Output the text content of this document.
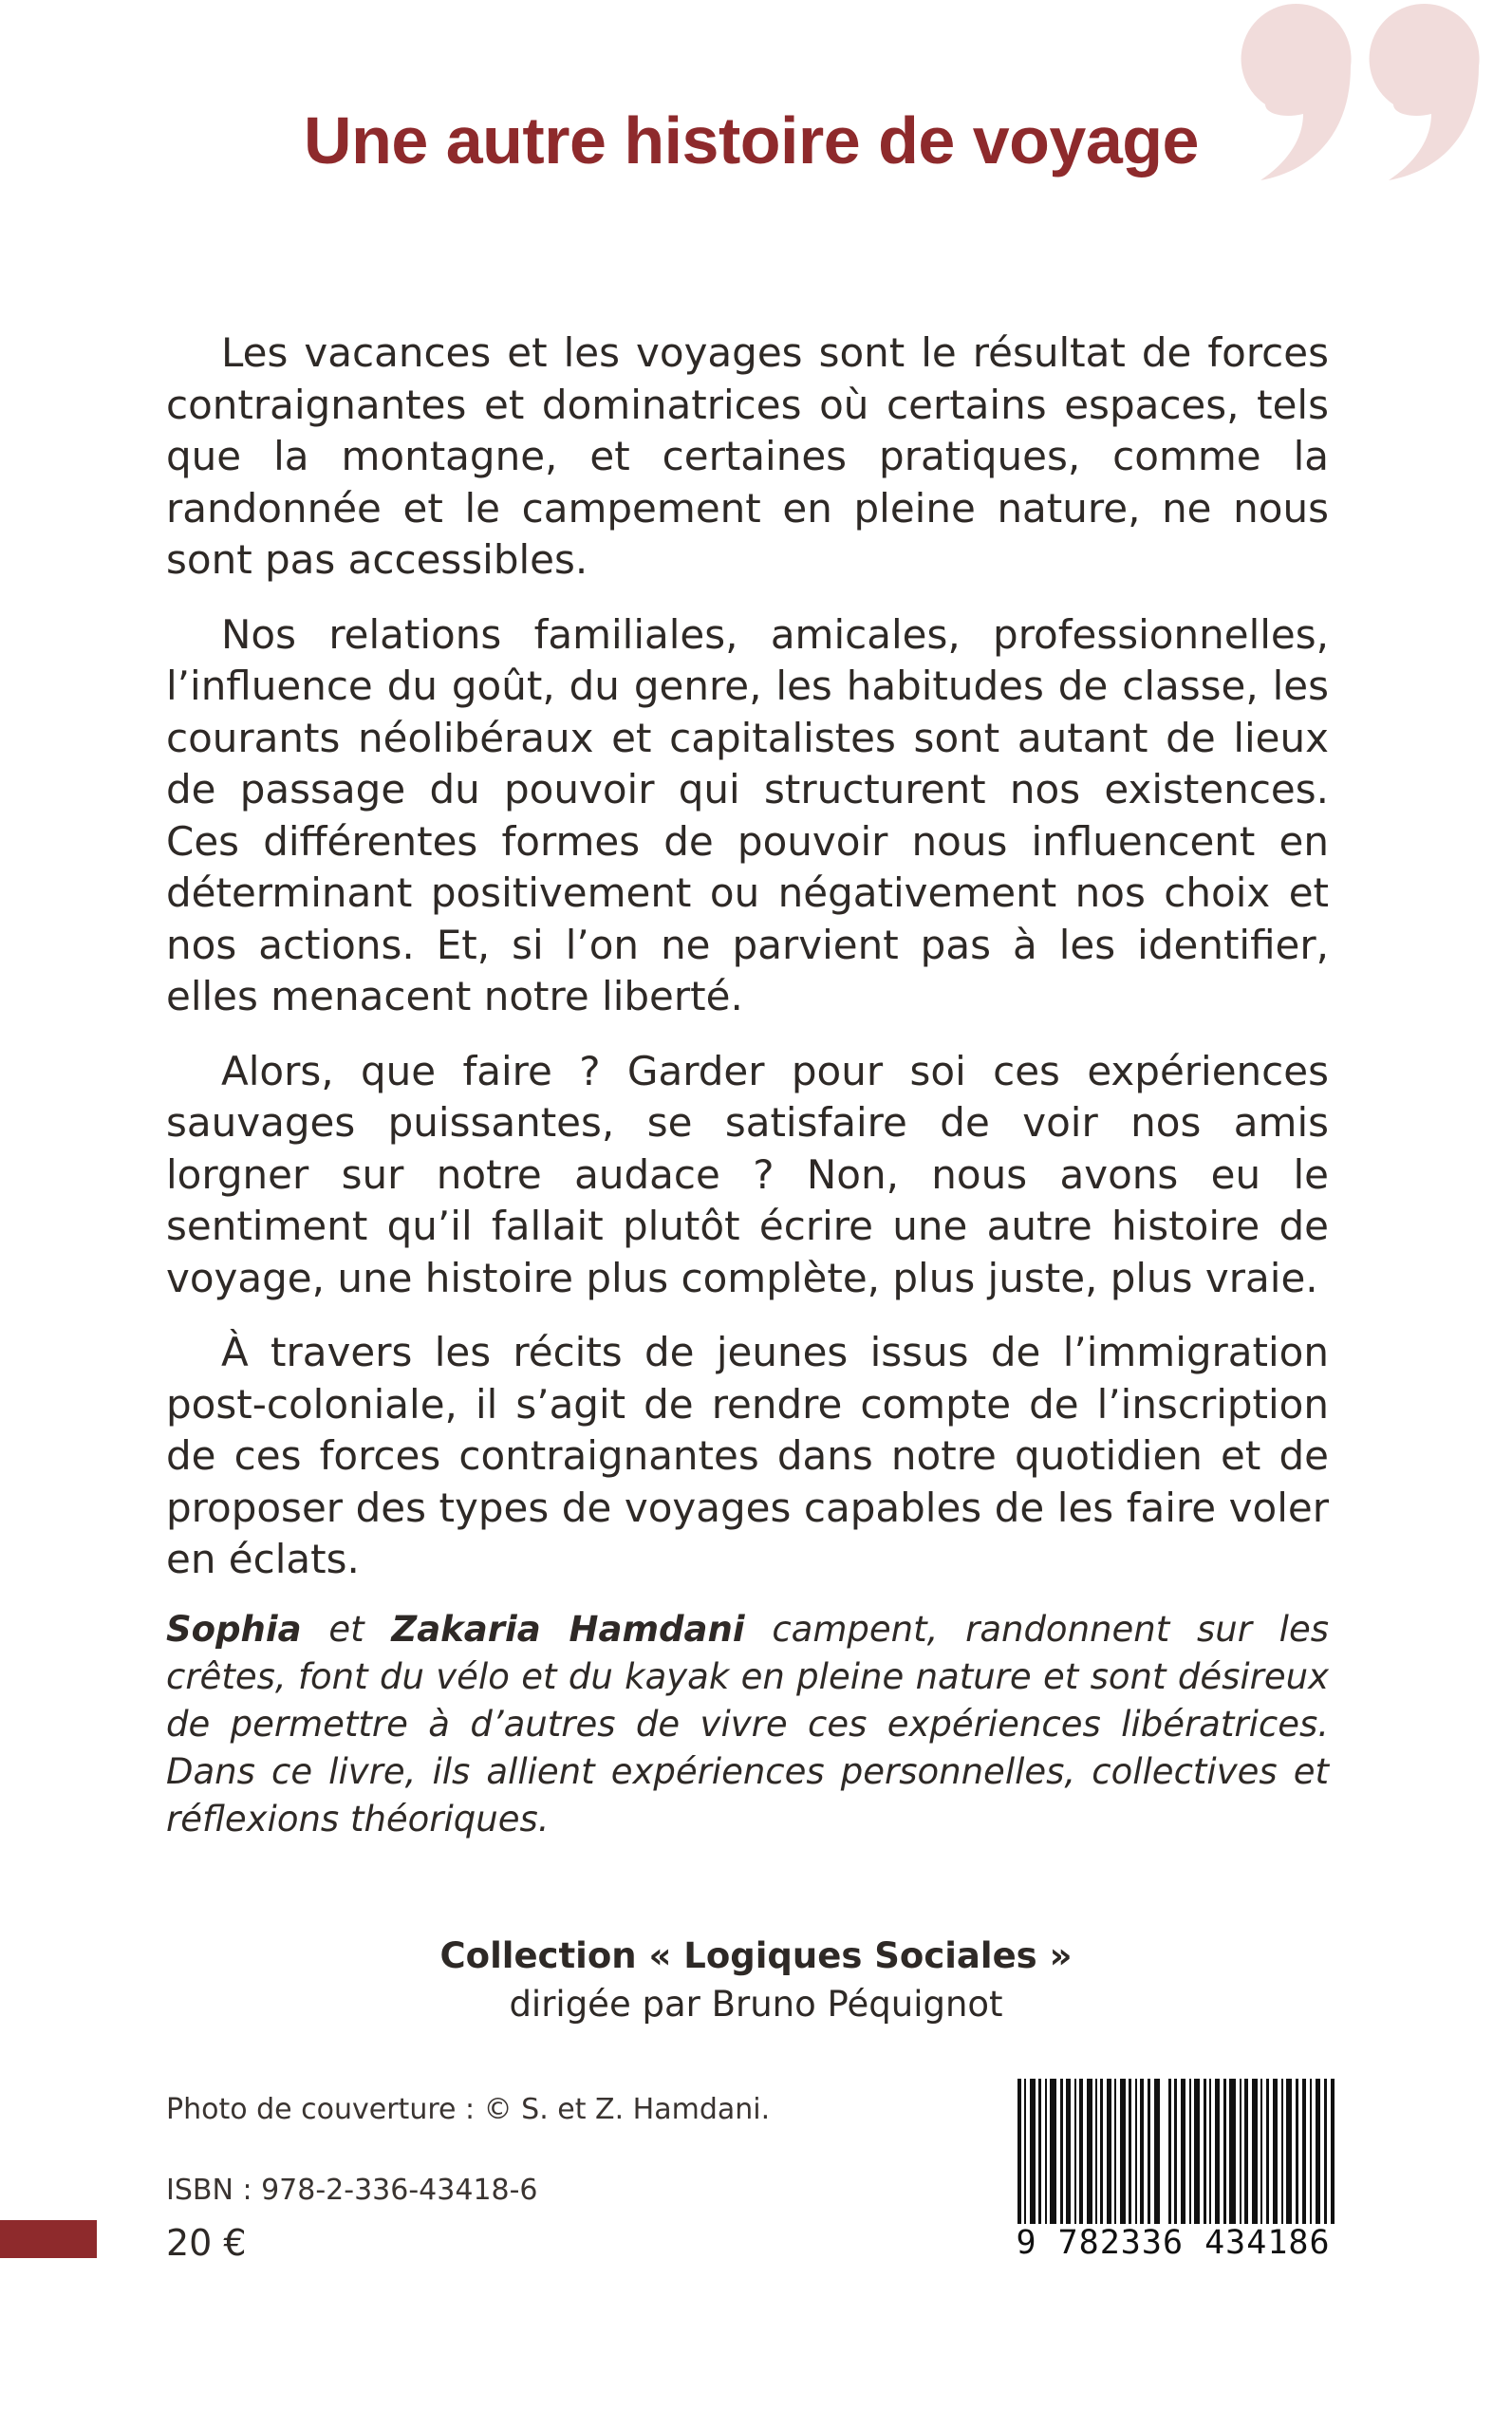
Une autre histoire de voyage

Les vacances et les voyages sont le résultat de forces contraignantes et dominatrices où certains espaces, tels que la montagne, et certaines pratiques, comme la randonnée et le campement en pleine nature, ne nous sont pas accessibles.

Nos relations familiales, amicales, professionnelles, l’influence du goût, du genre, les habitudes de classe, les courants néolibéraux et capitalistes sont autant de lieux de passage du pouvoir qui structurent nos existences. Ces différentes formes de pouvoir nous influencent en déterminant positivement ou négativement nos choix et nos actions. Et, si l’on ne parvient pas à les identifier, elles menacent notre liberté.

Alors, que faire ? Garder pour soi ces expériences sauvages puissantes, se satisfaire de voir nos amis lorgner sur notre audace ? Non, nous avons eu le sentiment qu’il fallait plutôt écrire une autre histoire de voyage, une histoire plus complète, plus juste, plus vraie.

À travers les récits de jeunes issus de l’immigration post-coloniale, il s’agit de rendre compte de l’inscription de ces forces contraignantes dans notre quotidien et de proposer des types de voyages capables de les faire voler en éclats.

Sophia et Zakaria Hamdani campent, randonnent sur les crêtes, font du vélo et du kayak en pleine nature et sont désireux de permettre à d’autres de vivre ces expériences libératrices. Dans ce livre, ils allient expériences personnelles, collectives et réflexions théoriques.

Collection « Logiques Sociales »
dirigée par Bruno Péquignot
Photo de couverture : © S. et Z. Hamdani.
ISBN : 978-2-336-43418-6
20 €	9 782336 434186
